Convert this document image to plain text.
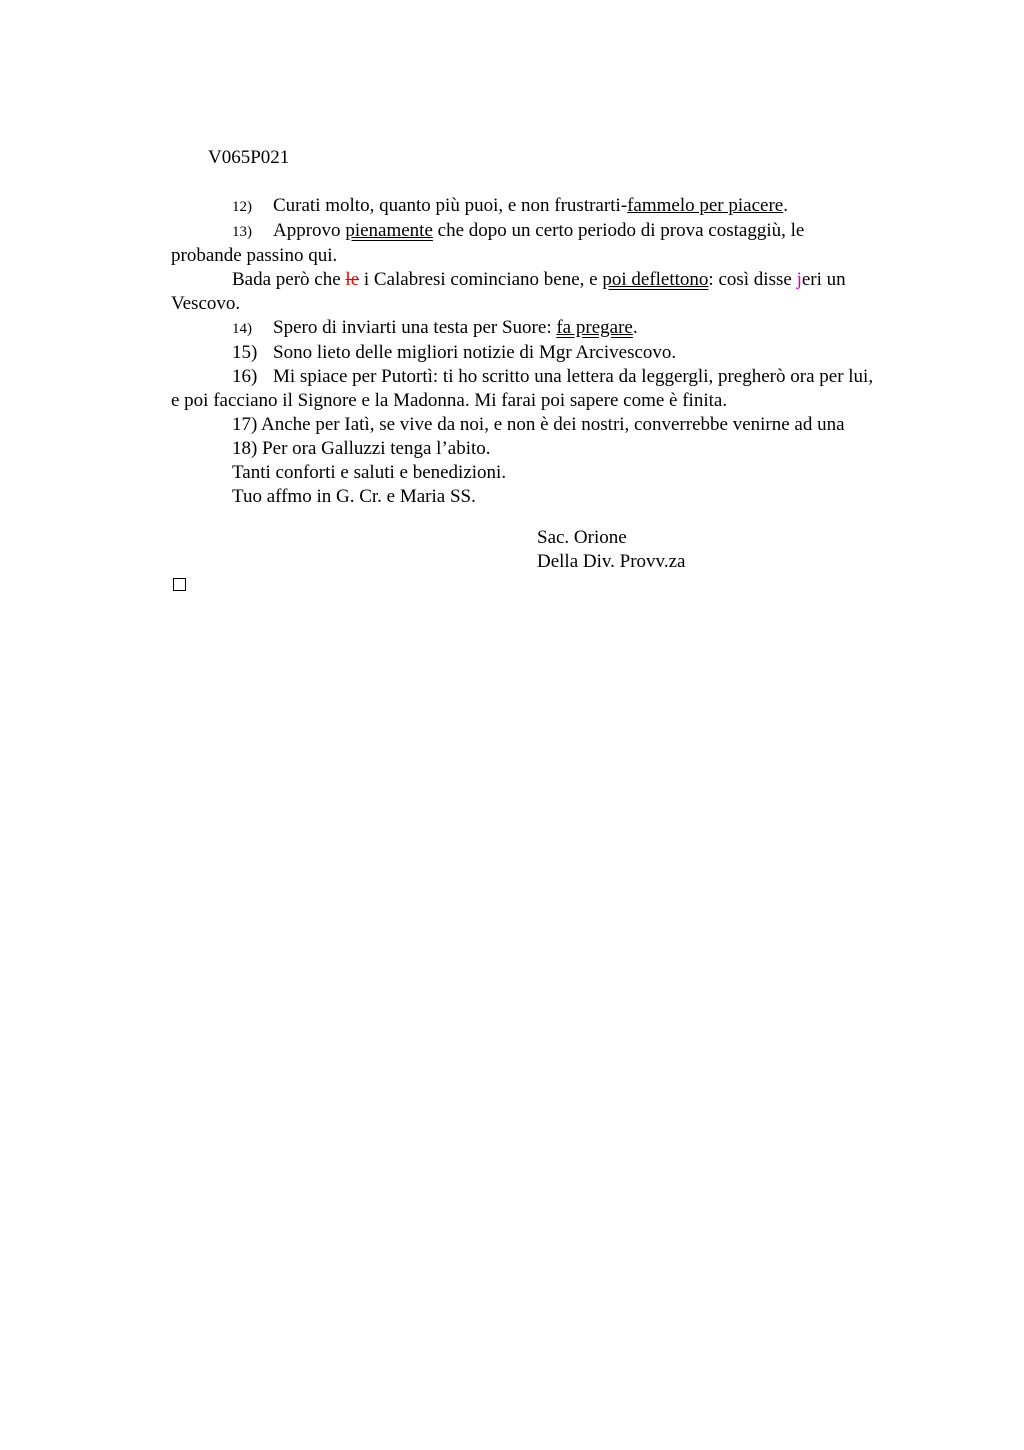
V065P021
12) Curati molto, quanto più puoi, e non frustrarti-fammelo per piacere.
13) Approvo pienamente che dopo un certo periodo di prova costaggiù, le
probande passino qui.
Bada però che le i Calabresi cominciano bene, e poi deflettono: così disse jeri un
Vescovo.
14) Spero di inviarti una testa per Suore: fa pregare.
15) Sono lieto delle migliori notizie di Mgr Arcivescovo.
16) Mi spiace per Putortì: ti ho scritto una lettera da leggergli, pregherò ora per lui,
e poi facciano il Signore e la Madonna. Mi farai poi sapere come è finita.
17) Anche per Iatì, se vive da noi, e non è dei nostri, converrebbe venirne ad una
18) Per ora Galluzzi tenga l’abito.
Tanti conforti e saluti e benedizioni.
Tuo affmo in G. Cr. e Maria SS.
Sac. Orione
Della Div. Provv.za
